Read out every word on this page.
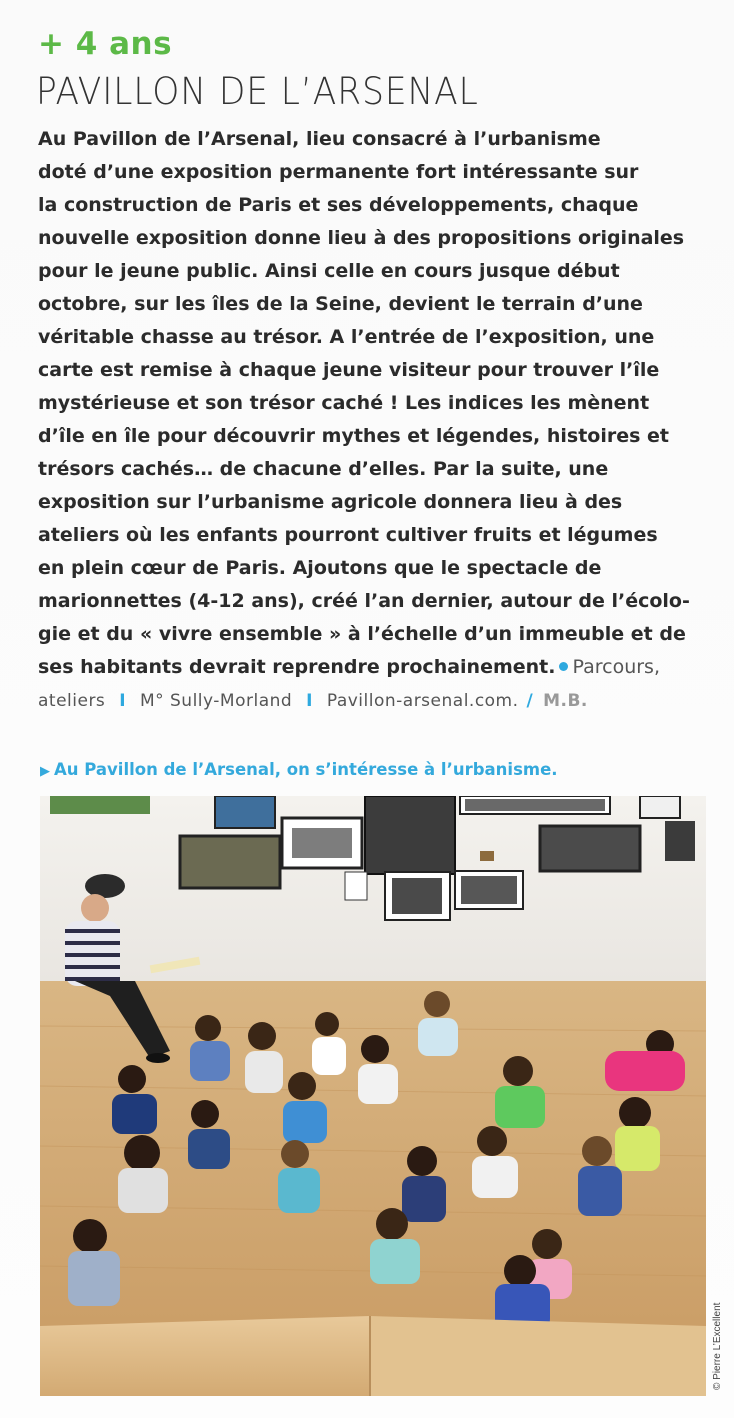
+ 4 ans
PAVILLON DE L’ARSENAL
Au Pavillon de l’Arsenal, lieu consacré à l’urbanisme
doté d’une exposition permanente fort intéressante sur
la construction de Paris et ses développements, chaque
nouvelle exposition donne lieu à des propositions originales
pour le jeune public. Ainsi celle en cours jusque début
octobre, sur les îles de la Seine, devient le terrain d’une
véritable chasse au trésor. A l’entrée de l’exposition, une
carte est remise à chaque jeune visiteur pour trouver l’île
mystérieuse et son trésor caché ! Les indices les mènent
d’île en île pour découvrir mythes et légendes, histoires et
trésors cachés… de chacune d’elles. Par la suite, une
exposition sur l’urbanisme agricole donnera lieu à des
ateliers où les enfants pourront cultiver fruits et légumes
en plein cœur de Paris. Ajoutons que le spectacle de
marionnettes (4-12 ans), créé l’an dernier, autour de l’écolo-
gie et du « vivre ensemble » à l’échelle d’un immeuble et de
ses habitants devrait reprendre prochainement. Parcours,
ateliers I M° Sully-Morland I Pavillon-arsenal.com. / M.B.
▶ Au Pavillon de l’Arsenal, on s’intéresse à l’urbanisme.
© Pierre L’Excellent
